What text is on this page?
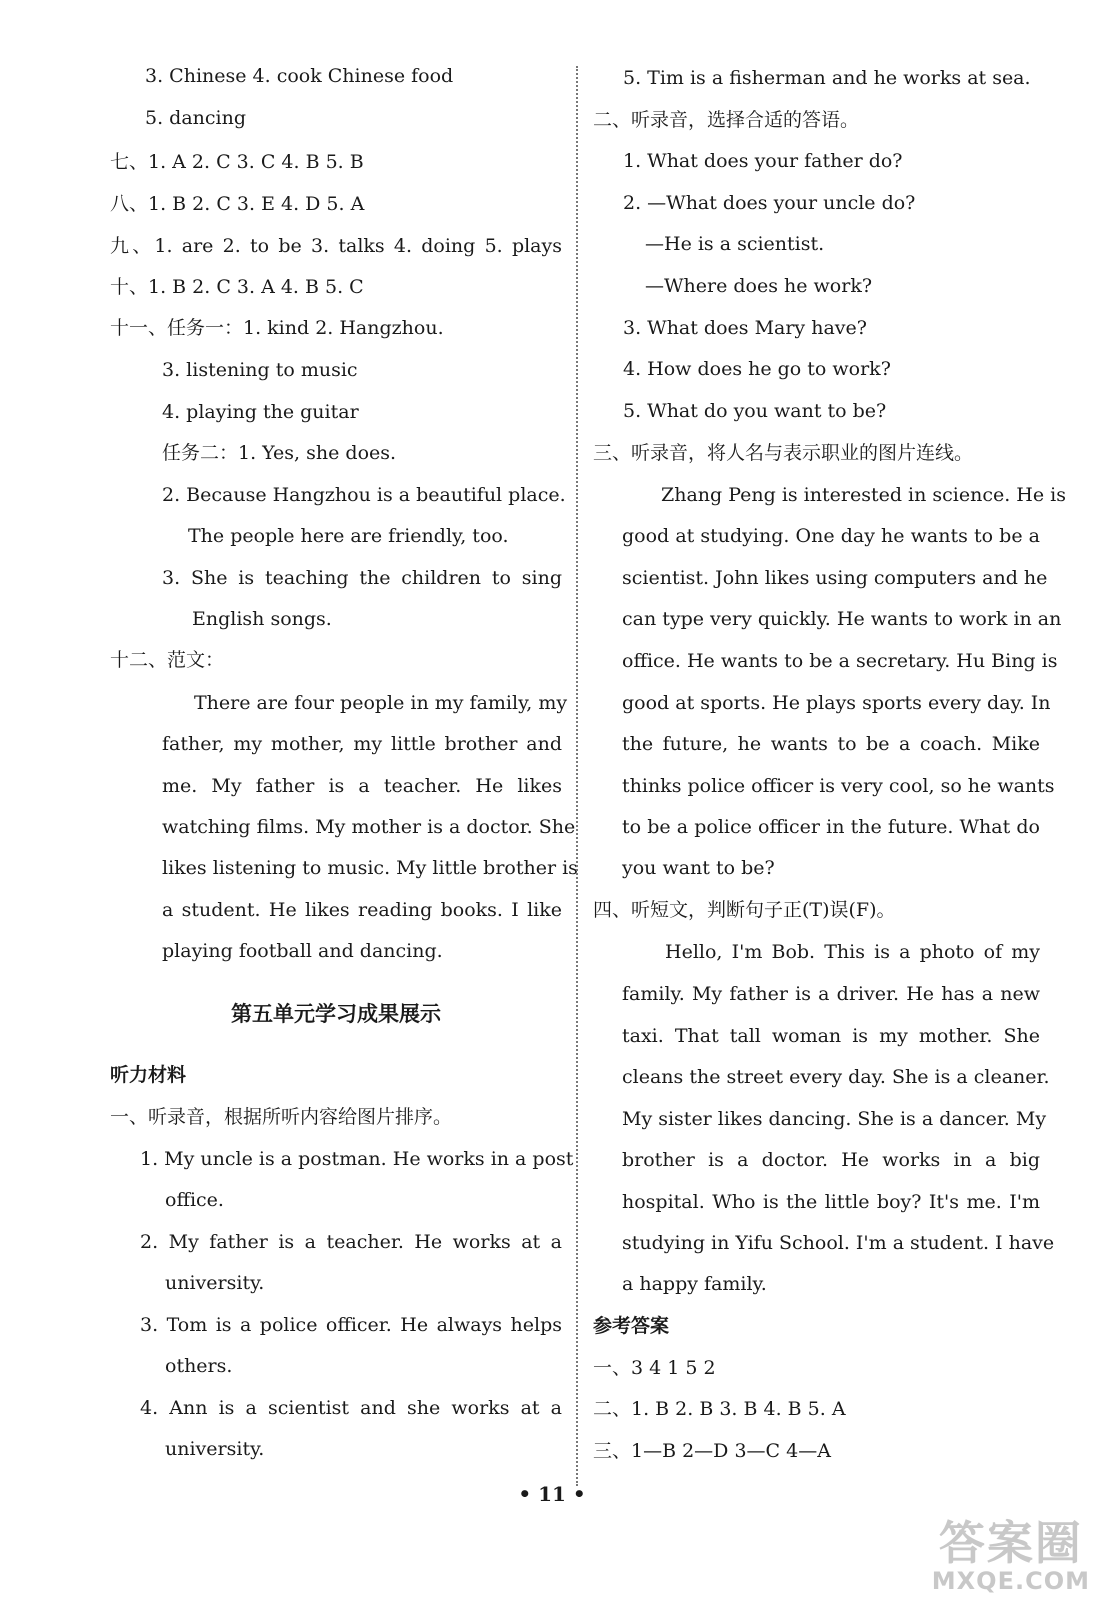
3. Chinese 4. cook Chinese food
5. dancing
七、1. A 2. C 3. C 4. B 5. B
八、1. B 2. C 3. E 4. D 5. A
九、1. are 2. to be 3. talks 4. doing 5. plays
十、1. B 2. C 3. A 4. B 5. C
十一、任务一：1. kind 2. Hangzhou.
3. listening to music
4. playing the guitar
任务二：1. Yes, she does.
2. Because Hangzhou is a beautiful place.
The people here are friendly, too.
3. She is teaching the children to sing
English songs.
十二、范文：
There are four people in my family, my
father, my mother, my little brother and
me. My father is a teacher. He likes
watching films. My mother is a doctor. She
likes listening to music. My little brother is
a student. He likes reading books. I like
playing football and dancing.
第五单元学习成果展示
听力材料
一、听录音，根据所听内容给图片排序。
1. My uncle is a postman. He works in a post
office.
2. My father is a teacher. He works at a
university.
3. Tom is a police officer. He always helps
others.
4. Ann is a scientist and she works at a
university.
5. Tim is a fisherman and he works at sea.
二、听录音，选择合适的答语。
1. What does your father do?
2. —What does your uncle do?
—He is a scientist.
—Where does he work?
3. What does Mary have?
4. How does he go to work?
5. What do you want to be?
三、听录音，将人名与表示职业的图片连线。
Zhang Peng is interested in science. He is
good at studying. One day he wants to be a
scientist. John likes using computers and he
can type very quickly. He wants to work in an
office. He wants to be a secretary. Hu Bing is
good at sports. He plays sports every day. In
the future, he wants to be a coach. Mike
thinks police officer is very cool, so he wants
to be a police officer in the future. What do
you want to be?
四、听短文，判断句子正(T)误(F)。
Hello, I'm Bob. This is a photo of my
family. My father is a driver. He has a new
taxi. That tall woman is my mother. She
cleans the street every day. She is a cleaner.
My sister likes dancing. She is a dancer. My
brother is a doctor. He works in a big
hospital. Who is the little boy? It's me. I'm
studying in Yifu School. I'm a student. I have
a happy family.
参考答案
一、3 4 1 5 2
二、1. B 2. B 3. B 4. B 5. A
三、1—B 2—D 3—C 4—A
• 11 •
答案圈
MXQE.COM
